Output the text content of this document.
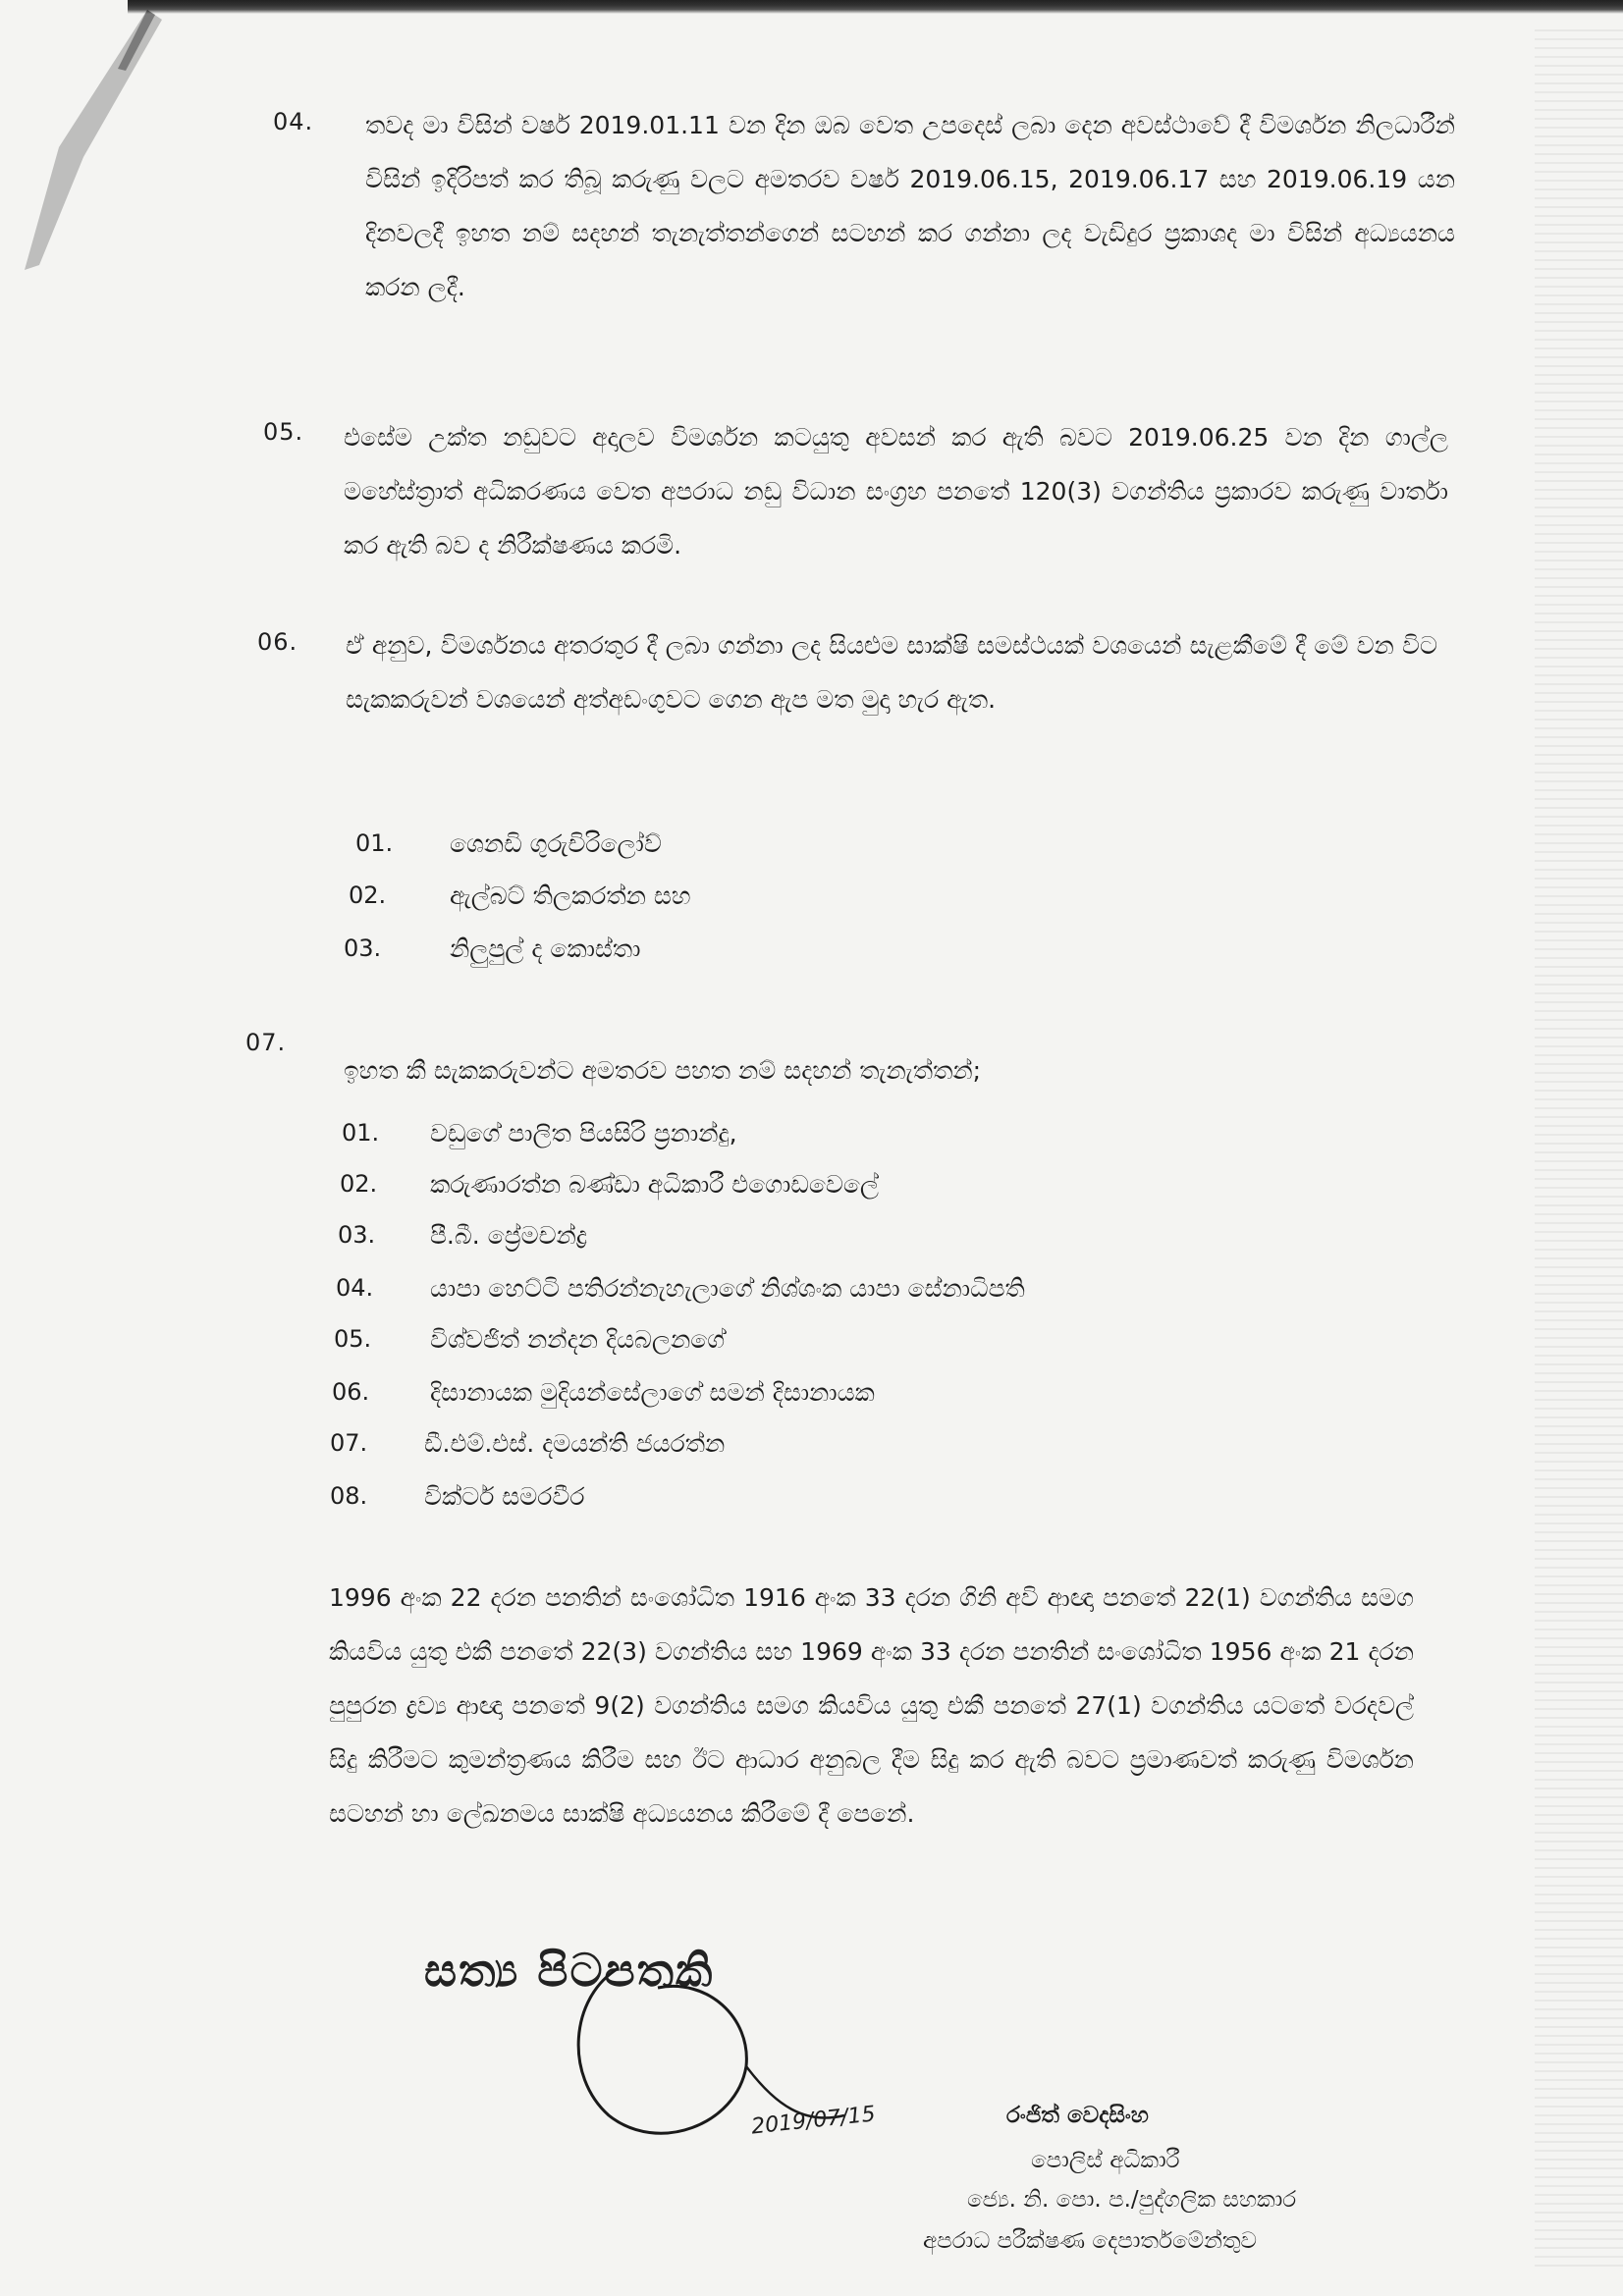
04. තවද මා විසින් වර්ෂ 2019.01.11 වන දින ඔබ වෙත උපදෙස් ලබා දෙන අවස්ථාවේ දී විමර්ශන නිලධාරීන් විසින් ඉදිරිපත් කර තිබූ කරුණු වලට අමතරව වර්ෂ 2019.06.15, 2019.06.17 සහ 2019.06.19 යන දිනවලදී ඉහත නම් සදහන් තැනැත්තන්ගෙන් සටහන් කර ගන්නා ලද වැඩිදුර ප්‍රකාශද මා විසින් අධ්‍යයනය කරන ලදී.
05. එසේම උක්ත නඩුවට අදාලව විමර්ශන කටයුතු අවසන් කර ඇති බවට 2019.06.25 වන දින ගාල්ල මහේස්ත්‍රාත් අධිකරණය වෙත අපරාධ නඩු විධාන සංග්‍රහ පනතේ 120(3) වගන්තිය ප්‍රකාරව කරුණු වාර්තා කර ඇති බව ද නිරීක්ෂණය කරමි.
06. ඒ අනුව, විමර්ශනය අතරතුර දී ලබා ගන්නා ලද සියළුම සාක්ෂි සමස්ථයක් වශයෙන් සැළකීමේ දී මේ වන විට සැකකරුවන් වශයෙන් අත්අඩංගුවට ගෙන ඇප මත මුදා හැර ඇත.
01. ශෙනඩි ගුරුචිරිලෝව්
02.	ඇල්බට් තිලකරත්න සහ
03.	නිලුපුල් ද කොස්තා
07.
ඉහත කී සැකකරුවන්ට අමතරව පහත නම් සදහන් තැනැත්තන්;
01. වඩුගේ පාලිත පියසිරි ප්‍රනාන්දු,
02. කරුණාරත්න බණ්ඩා අධිකාරී එගොඩවෙලේ
03. පී.බී. ප්‍රේමචන්ද්‍ර
04. යාපා හෙට්ටි පතිරන්නැහැලාගේ නිශ්ශංක යාපා සේනාධිපති
05. විශ්වජිත් නන්දන දියබලනගේ
06. දිසානායක මුදියන්සේලාගේ සමන් දිසානායක
07. ඩී.එම්.එස්. දමයන්ති ජයරත්න
08. වික්ටර් සමරවීර
1996 අංක 22 දරන පනතින් සංශෝධිත 1916 අංක 33 දරන ගිනි අවි ආඥා පනතේ 22(1) වගන්තිය සමග කියවිය යුතු එකී පනතේ 22(3) වගන්තිය සහ 1969 අංක 33 දරන පනතින් සංශෝධිත 1956 අංක 21 දරන පුපුරන ද්‍රව්‍ය ආඥා පනතේ 9(2) වගන්තිය සමග කියවිය යුතු එකී පනතේ 27(1) වගන්තිය යටතේ වරදවල් සිදු කිරීමට කුමන්ත්‍රණය කිරීම සහ ඊට ආධාර අනුබල දීම සිදු කර ඇති බවට ප්‍රමාණවත් කරුණු විමර්ශන සටහන් හා ලේඛනමය සාක්ෂි අධ්‍යයනය කිරීමේ දී පෙනේ.
සත්‍ය පිටපතකි
2019/07/15	රංජිත් වෙදසිංහ
පොලිස් අධිකාරී
ජ්‍යෙ. නි. පො. ප./පුද්ගලික සහකාර
අපරාධ පරීක්ෂණ දෙපාර්තමේන්තුව
